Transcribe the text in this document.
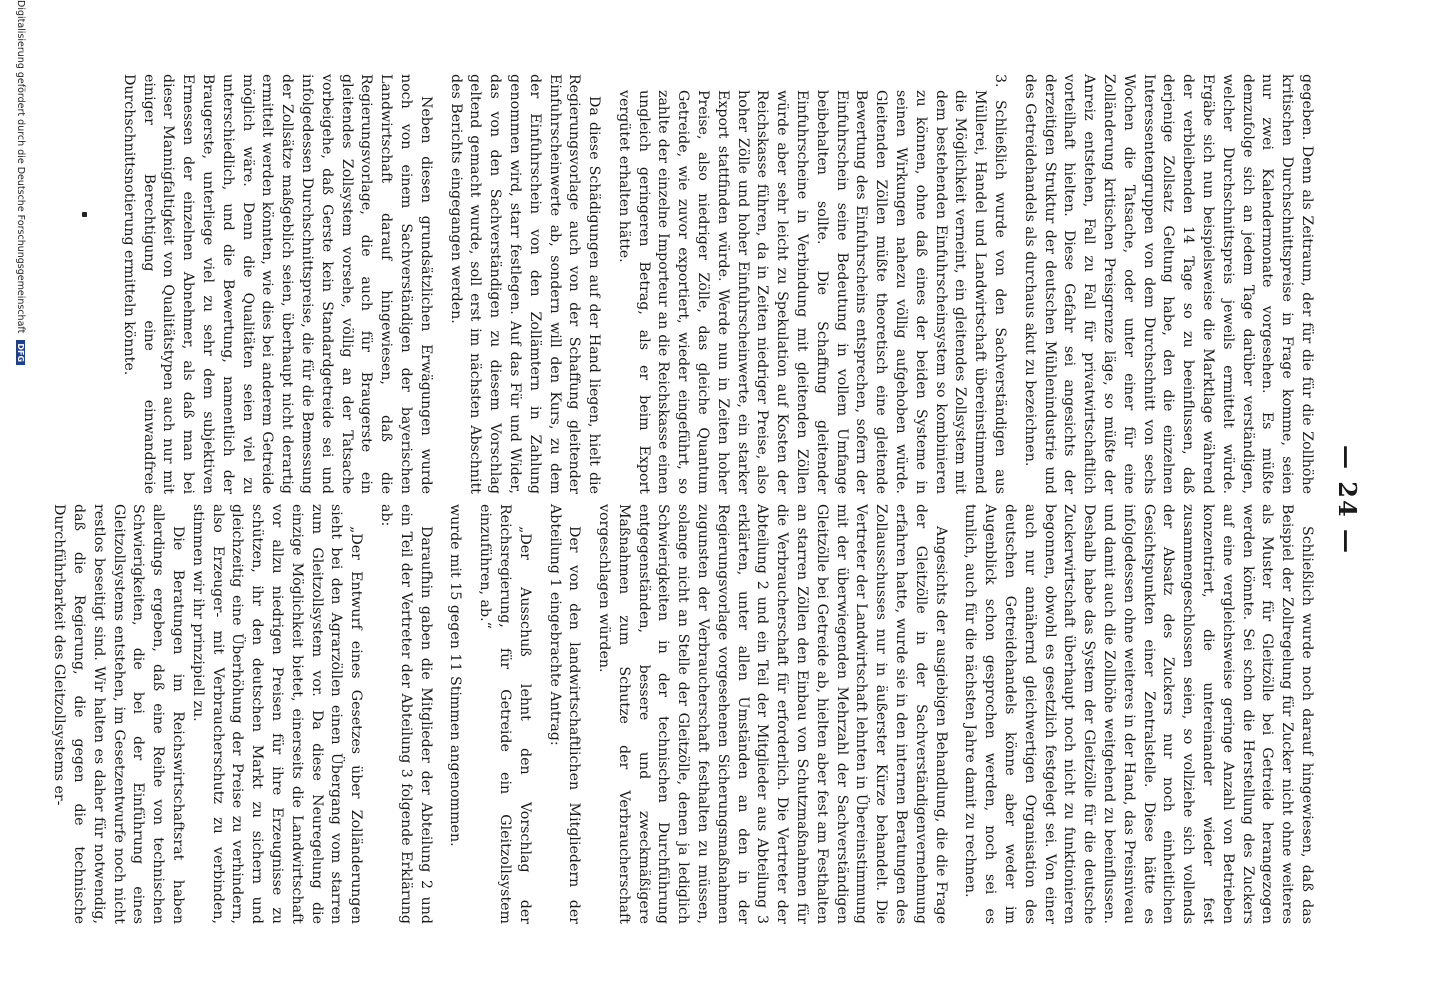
— 24 —

gegeben. Denn als Zeitraum, der für die für die Zollhöhe kritischen Durchschnittspreise in Frage komme, seien nur zwei Kalendermonate vorgesehen. Es müßte demzufolge sich an jedem Tage darüber verständigen, welcher Durchschnittspreis jeweils ermittelt würde. Ergäbe sich nun beispielsweise die Marktlage während der verbleibenden 14 Tage so zu beeinflussen, daß derjenige Zollsatz Geltung habe, den die einzelnen Interessentengruppen von dem Durchschnitt von sechs Wochen die Tatsache, oder unter einer für eine Zolländerung kritischen Preisgrenze läge, so müßte der Anreiz entstehen, Fall zu Fall für privatwirtschaftlich vorteilhaft hielten. Diese Gefahr sei angesichts der derzeitigen Struktur der deutschen Mühlenindustrie und des Getreidehandels als durchaus akut zu bezeichnen.

3. Schließlich wurde von den Sachverständigen aus Müllerei, Handel und Landwirtschaft übereinstimmend die Möglichkeit verneint, ein gleitendes Zollsystem mit dem bestehenden Einfuhrscheinsystem so kombinieren zu können, ohne daß eines der beiden Systeme in seinen Wirkungen nahezu völlig aufgehoben würde. Gleitenden Zöllen müßte theoretisch eine gleitende Bewertung des Einfuhrscheins entsprechen, sofern der Einfuhrschein seine Bedeutung in vollem Umfange beibehalten sollte. Die Schaffung gleitender Einfuhrscheine in Verbindung mit gleitenden Zöllen würde aber sehr leicht zu Spekulation auf Kosten der Reichskasse führen, da in Zeiten niedriger Preise, also hoher Zölle und hoher Einfuhrscheinwerte, ein starker Export stattfinden würde. Werde nun in Zeiten hoher Preise, also niedriger Zölle, das gleiche Quantum Getreide, wie zuvor exportiert, wieder eingeführt, so zahlte der einzelne Importeur an die Reichskasse einen ungleich geringeren Betrag, als er beim Export vergütet erhalten hätte.

Da diese Schädigungen auf der Hand liegen, hielt die Regierungsvorlage auch von der Schaffung gleitender Einfuhrscheinwerte ab, sondern will den Kurs, zu dem der Einfuhrschein von den Zollämtern in Zahlung genommen wird, starr festlegen. Auf das Für und Wider, das von den Sachverständigen zu diesem Vorschlag geltend gemacht wurde, soll erst im nächsten Abschnitt des Berichts eingegangen werden.

Neben diesen grundsätzlichen Erwägungen wurde noch von einem Sachverständigen der bayerischen Landwirtschaft darauf hingewiesen, daß die Regierungsvorlage, die auch für Braugerste ein gleitendes Zollsystem vorsehe, völlig an der Tatsache vorbeigehe, daß Gerste kein Standardgetreide sei und infolgedessen Durchschnittspreise, die für die Bemessung der Zollsätze maßgeblich seien, überhaupt nicht derartig ermittelt werden könnten, wie dies bei anderem Getreide möglich wäre. Denn die Qualitäten seien viel zu unterschiedlich, und die Bewertung, namentlich der Braugerste, unterliege viel zu sehr dem subjektiven Ermessen der einzelnen Abnehmer, als daß man bei dieser Mannigfaltigkeit von Qualitätstypen auch nur mit einiger Berechtigung eine einwandfreie Durchschnittsnotierung ermitteln könnte.

Schließlich wurde noch darauf hingewiesen, daß das Beispiel der Zollregelung für Zucker nicht ohne weiteres als Muster für Gleitzölle bei Getreide herangezogen werden könnte. Sei schon die Herstellung des Zuckers auf eine vergleichsweise geringe Anzahl von Betrieben konzentriert, die untereinander wieder fest zusammengeschlossen seien, so vollziehe sich vollends der Absatz des Zuckers nur noch einheitlichen Gesichtspunkten einer Zentralstelle. Diese hätte es infolgedessen ohne weiteres in der Hand, das Preisniveau und damit auch die Zollhöhe weitgehend zu beeinflussen. Deshalb habe das System der Gleitzölle für die deutsche Zuckerwirtschaft überhaupt noch nicht zu funktionieren begonnen, obwohl es gesetzlich festgelegt sei. Von einer auch nur annähernd gleichwertigen Organisation des deutschen Getreidehandels könne aber weder im Augenblick schon gesprochen werden, noch sei es tunlich, auch für die nächsten Jahre damit zu rechnen.

Angesichts der ausgiebigen Behandlung, die die Frage der Gleitzölle in der Sachverständigenvernehmung erfahren hatte, wurde sie in den internen Beratungen des Zollausschusses nur in äußerster Kürze behandelt. Die Vertreter der Landwirtschaft lehnten in Übereinstimmung mit der überwiegenden Mehrzahl der Sachverständigen Gleitzölle bei Getreide ab, hielten aber fest am Festhalten an starren Zöllen den Einbau von Schutzmaßnahmen für die Verbraucherschaft für erforderlich. Die Vertreter der Abteilung 2 und ein Teil der Mitglieder aus Abteilung 3 erklärten, unter allen Umständen an den in der Regierungsvorlage vorgesehenen Sicherungsmaßnahmen zugunsten der Verbraucherschaft festhalten zu müssen, solange nicht an Stelle der Gleitzölle, denen ja lediglich Schwierigkeiten in der technischen Durchführung entgegenständen, bessere und zweckmäßigere Maßnahmen zum Schutze der Verbraucherschaft vorgeschlagen würden.

Der von den landwirtschaftlichen Mitgliedern der Abteilung 1 eingebrachte Antrag:

„Der Ausschuß lehnt den Vorschlag der Reichsregierung, für Getreide ein Gleitzollsystem einzuführen, ab.“

wurde mit 15 gegen 11 Stimmen angenommen.

Daraufhin gaben die Mitglieder der Abteilung 2 und ein Teil der Vertreter der Abteilung 3 folgende Erklärung ab:

„Der Entwurf eines Gesetzes über Zolländerungen sieht bei den Agrarzöllen einen Übergang vom starren zum Gleitzollsystem vor. Da diese Neuregelung die einzige Möglichkeit bietet, einerseits die Landwirtschaft vor allzu niedrigen Preisen für ihre Erzeugnisse zu schützen, ihr den deutschen Markt zu sichern und gleichzeitig eine Überhöhung der Preise zu verhindern, also Erzeuger- mit Verbraucherschutz zu verbinden, stimmen wir ihr prinzipiell zu.

Die Beratungen im Reichswirtschaftsrat haben allerdings ergeben, daß eine Reihe von technischen Schwierigkeiten, die bei der Einführung eines Gleitzollsystems entstehen, im Gesetzentwurfe noch nicht restlos beseitigt sind. Wir halten es daher für notwendig, daß die Regierung, die gegen die technische Durchführbarkeit des Gleitzollsystems er-

Digitalisierung gefördert durch die Deutsche Forschungsgemeinschaft DFG
